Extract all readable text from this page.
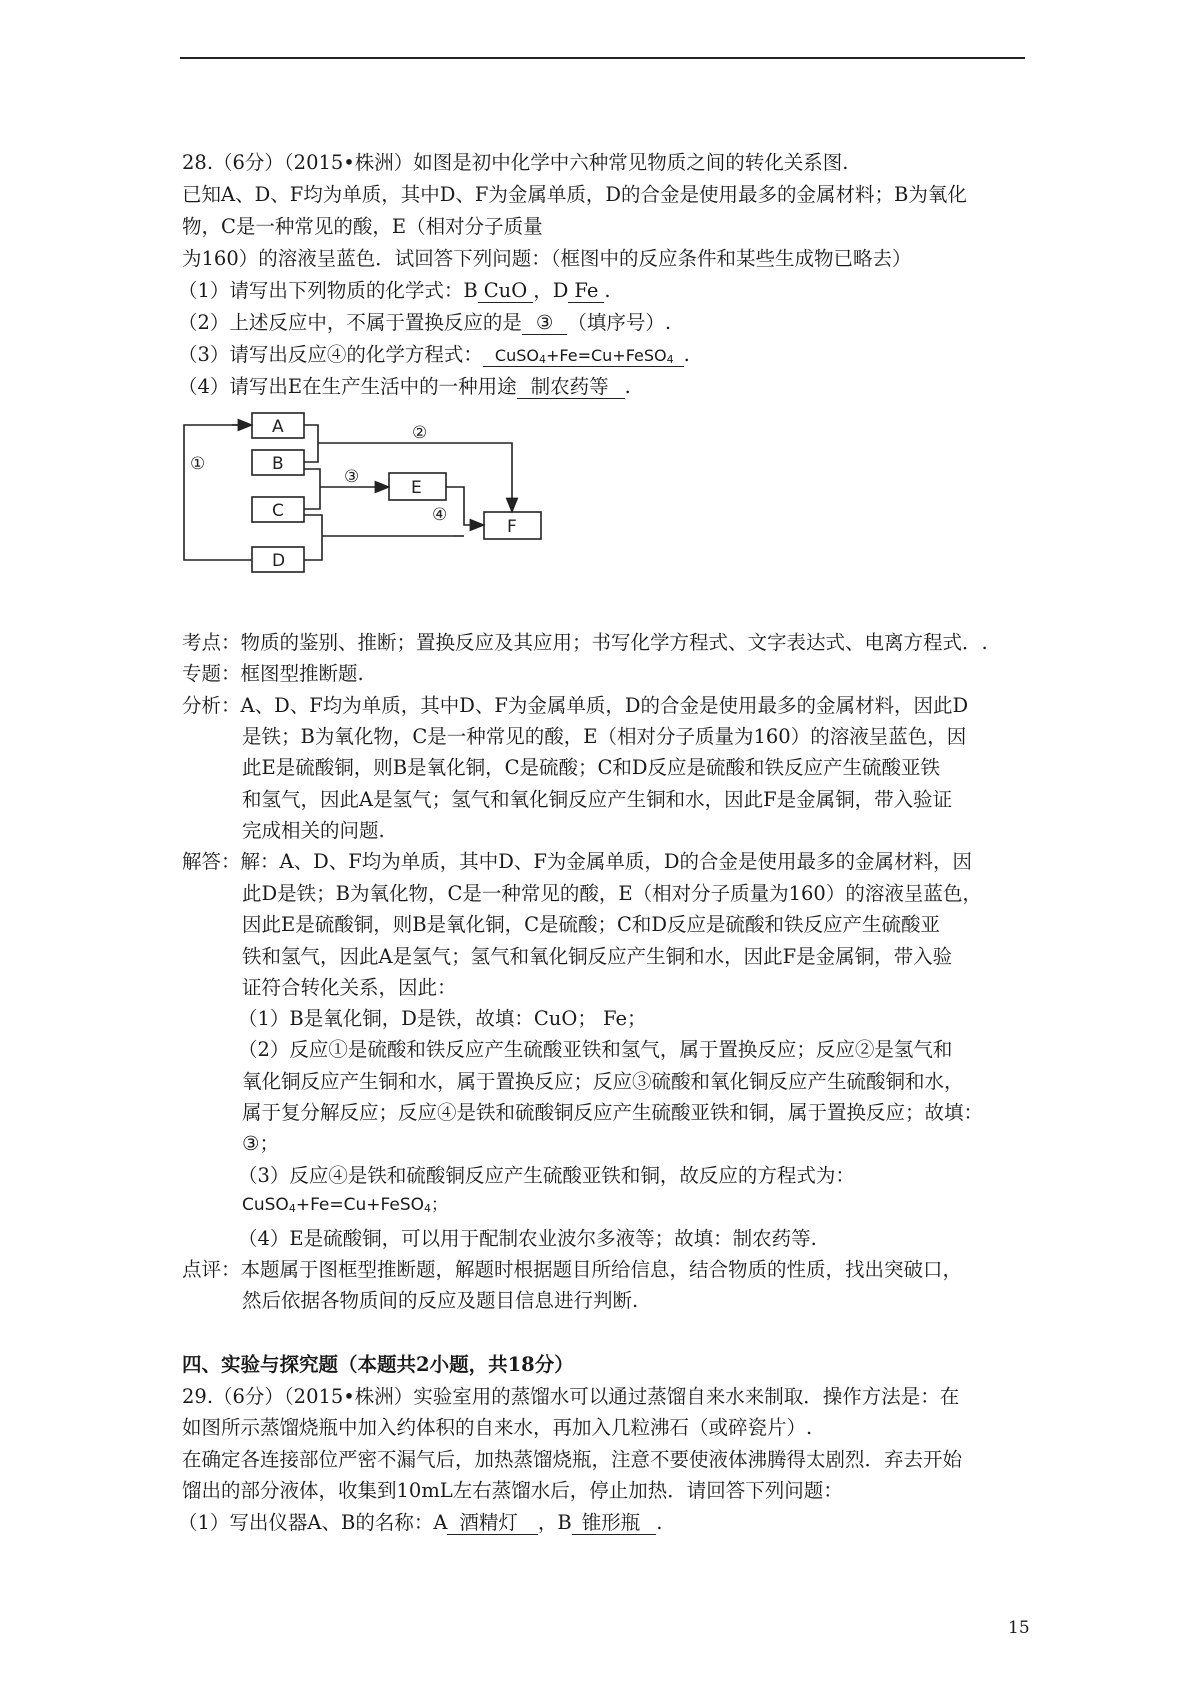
28.（6分）（2015•株洲）如图是初中化学中六种常见物质之间的转化关系图.
已知A、D、F均为单质，其中D、F为金属单质，D的合金是使用最多的金属材料；B为氧化
物，C是一种常见的酸，E（相对分子质量
为160）的溶液呈蓝色．试回答下列问题：（框图中的反应条件和某些生成物已略去）
（1）请写出下列物质的化学式：B CuO ，D Fe .
（2）上述反应中，不属于置换反应的是 ③ （填序号）.
（3）请写出反应④的化学方程式： CuSO$_4$+Fe=Cu+FeSO$_4$ .
（4）请写出E在生产生活中的一种用途 制农药等 .
A
B
C
D
E
F
①
②
③
④
考点：物质的鉴别、推断；置换反应及其应用；书写化学方程式、文字表达式、电离方程式．.
专题：框图型推断题.
分析：A、D、F均为单质，其中D、F为金属单质，D的合金是使用最多的金属材料，因此D
是铁；B为氧化物，C是一种常见的酸，E（相对分子质量为160）的溶液呈蓝色，因
此E是硫酸铜，则B是氧化铜，C是硫酸；C和D反应是硫酸和铁反应产生硫酸亚铁
和氢气，因此A是氢气；氢气和氧化铜反应产生铜和水，因此F是金属铜，带入验证
完成相关的问题.
解答：解：A、D、F均为单质，其中D、F为金属单质，D的合金是使用最多的金属材料，因
此D是铁；B为氧化物，C是一种常见的酸，E（相对分子质量为160）的溶液呈蓝色，
因此E是硫酸铜，则B是氧化铜，C是硫酸；C和D反应是硫酸和铁反应产生硫酸亚
铁和氢气，因此A是氢气；氢气和氧化铜反应产生铜和水，因此F是金属铜，带入验
证符合转化关系，因此：
（1）B是氧化铜，D是铁，故填：CuO； Fe；
（2）反应①是硫酸和铁反应产生硫酸亚铁和氢气，属于置换反应；反应②是氢气和
氧化铜反应产生铜和水，属于置换反应；反应③硫酸和氧化铜反应产生硫酸铜和水，
属于复分解反应；反应④是铁和硫酸铜反应产生硫酸亚铁和铜，属于置换反应；故填：
③；
（3）反应④是铁和硫酸铜反应产生硫酸亚铁和铜，故反应的方程式为：
CuSO$_4$+Fe=Cu+FeSO$_4$；
（4）E是硫酸铜，可以用于配制农业波尔多液等；故填：制农药等.
点评：本题属于图框型推断题，解题时根据题目所给信息，结合物质的性质，找出突破口，
然后依据各物质间的反应及题目信息进行判断.
四、实验与探究题（本题共2小题，共18分）
29.（6分）（2015•株洲）实验室用的蒸馏水可以通过蒸馏自来水来制取．操作方法是：在
如图所示蒸馏烧瓶中加入约体积的自来水，再加入几粒沸石（或碎瓷片）.
在确定各连接部位严密不漏气后，加热蒸馏烧瓶，注意不要使液体沸腾得太剧烈．弃去开始
馏出的部分液体，收集到10mL左右蒸馏水后，停止加热．请回答下列问题：
（1）写出仪器A、B的名称：A 酒精灯 ，B 锥形瓶 .
15
